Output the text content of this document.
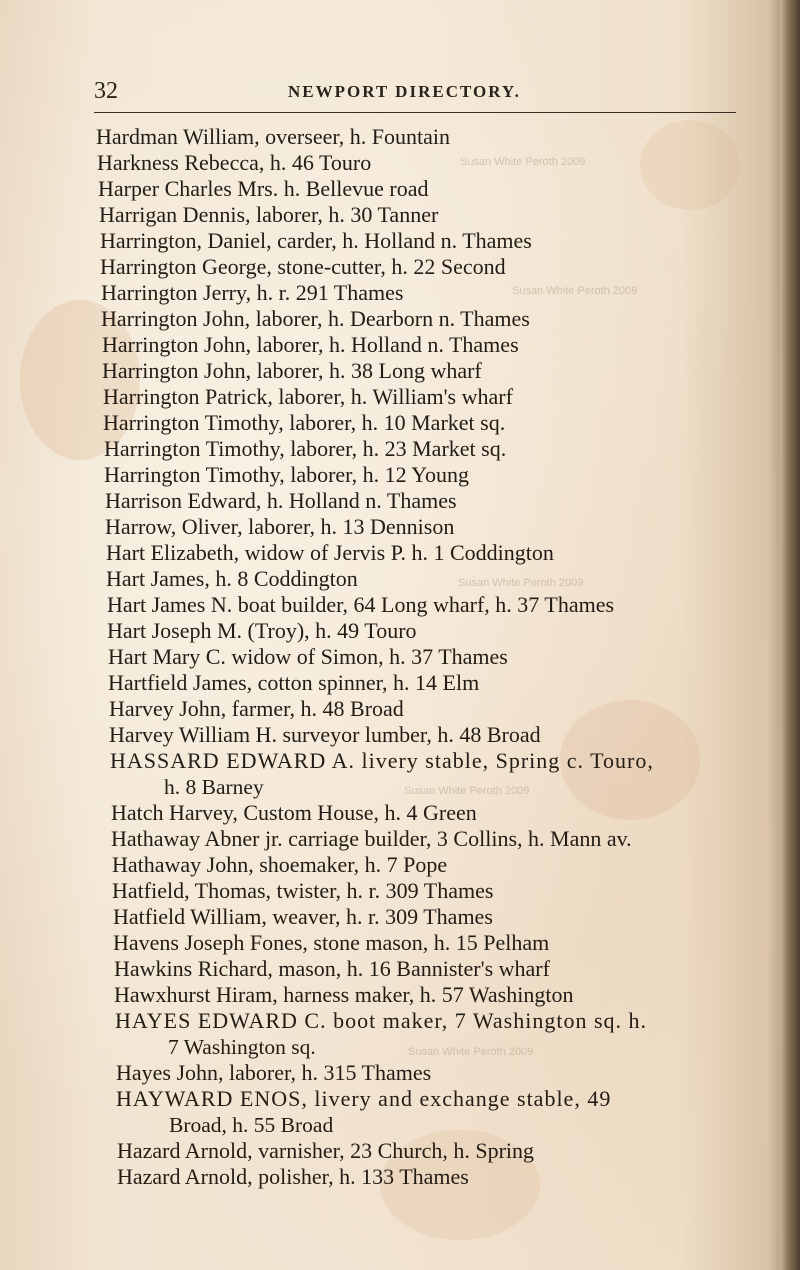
32	NEWPORT DIRECTORY.
Hardman William, overseer, h. Fountain
Harkness Rebecca, h. 46 Touro
Harper Charles Mrs. h. Bellevue road
Harrigan Dennis, laborer, h. 30 Tanner
Harrington, Daniel, carder, h. Holland n. Thames
Harrington George, stone-cutter, h. 22 Second
Harrington Jerry, h. r. 291 Thames
Harrington John, laborer, h. Dearborn n. Thames
Harrington John, laborer, h. Holland n. Thames
Harrington John, laborer, h. 38 Long wharf
Harrington Patrick, laborer, h. William's wharf
Harrington Timothy, laborer, h. 10 Market sq.
Harrington Timothy, laborer, h. 23 Market sq.
Harrington Timothy, laborer, h. 12 Young
Harrison Edward, h. Holland n. Thames
Harrow, Oliver, laborer, h. 13 Dennison
Hart Elizabeth, widow of Jervis P. h. 1 Coddington
Hart James, h. 8 Coddington
Hart James N. boat builder, 64 Long wharf, h. 37 Thames
Hart Joseph M. (Troy), h. 49 Touro
Hart Mary C. widow of Simon, h. 37 Thames
Hartfield James, cotton spinner, h. 14 Elm
Harvey John, farmer, h. 48 Broad
Harvey William H. surveyor lumber, h. 48 Broad
HASSARD EDWARD A. livery stable, Spring c. Touro,
h. 8 Barney
Hatch Harvey, Custom House, h. 4 Green
Hathaway Abner jr. carriage builder, 3 Collins, h. Mann av.
Hathaway John, shoemaker, h. 7 Pope
Hatfield, Thomas, twister, h. r. 309 Thames
Hatfield William, weaver, h. r. 309 Thames
Havens Joseph Fones, stone mason, h. 15 Pelham
Hawkins Richard, mason, h. 16 Bannister's wharf
Hawxhurst Hiram, harness maker, h. 57 Washington
HAYES EDWARD C. boot maker, 7 Washington sq. h.
7 Washington sq.
Hayes John, laborer, h. 315 Thames
HAYWARD ENOS, livery and exchange stable, 49
Broad, h. 55 Broad
Hazard Arnold, varnisher, 23 Church, h. Spring
Hazard Arnold, polisher, h. 133 Thames
Susan White Peroth 2009
Susan White Peroth 2009
Susan White Peroth 2009
Susan White Peroth 2009
Susan White Peroth 2009
